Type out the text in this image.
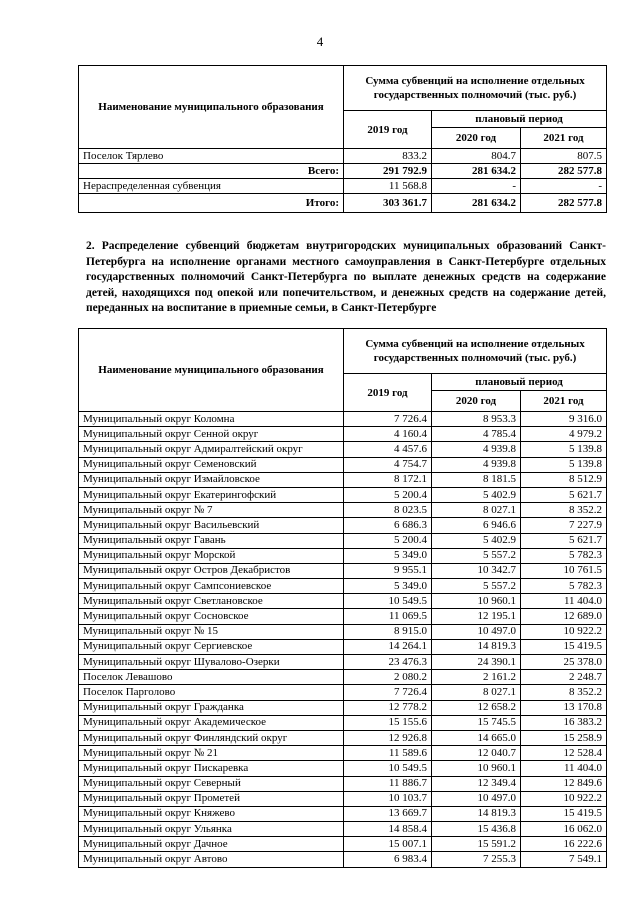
4
Наименование муниципального образования	Сумма субвенций на исполнение отдельных государственных полномочий (тыс. руб.)		
	2019 год	плановый период	
		2020 год	2021 год
Поселок Тярлево	833.2	804.7	807.5
Всего:	291 792.9	281 634.2	282 577.8
Нераспределенная субвенция	11 568.8	-	-
Итого:	303 361.7	281 634.2	282 577.8
2. Распределение субвенций бюджетам внутригородских муниципальных образований Санкт-Петербурга на исполнение органами местного самоуправления в Санкт-Петербурге отдельных государственных полномочий Санкт-Петербурга по выплате денежных средств на содержание детей, находящихся под опекой или попечительством, и денежных средств на содержание детей, переданных на воспитание в приемные семьи, в Санкт-Петербурге
Наименование муниципального образования	Сумма субвенций на исполнение отдельных государственных полномочий (тыс. руб.)		
	2019 год	плановый период	
		2020 год	2021 год
Муниципальный округ Коломна	7 726.4	8 953.3	9 316.0
Муниципальный округ Сенной округ	4 160.4	4 785.4	4 979.2
Муниципальный округ Адмиралтейский округ	4 457.6	4 939.8	5 139.8
Муниципальный округ Семеновский	4 754.7	4 939.8	5 139.8
Муниципальный округ Измайловское	8 172.1	8 181.5	8 512.9
Муниципальный округ Екатерингофский	5 200.4	5 402.9	5 621.7
Муниципальный округ № 7	8 023.5	8 027.1	8 352.2
Муниципальный округ Васильевский	6 686.3	6 946.6	7 227.9
Муниципальный округ Гавань	5 200.4	5 402.9	5 621.7
Муниципальный округ Морской	5 349.0	5 557.2	5 782.3
Муниципальный округ Остров Декабристов	9 955.1	10 342.7	10 761.5
Муниципальный округ Сампсониевское	5 349.0	5 557.2	5 782.3
Муниципальный округ Светлановское	10 549.5	10 960.1	11 404.0
Муниципальный округ Сосновское	11 069.5	12 195.1	12 689.0
Муниципальный округ № 15	8 915.0	10 497.0	10 922.2
Муниципальный округ Сергиевское	14 264.1	14 819.3	15 419.5
Муниципальный округ Шувалово-Озерки	23 476.3	24 390.1	25 378.0
Поселок Левашово	2 080.2	2 161.2	2 248.7
Поселок Парголово	7 726.4	8 027.1	8 352.2
Муниципальный округ Гражданка	12 778.2	12 658.2	13 170.8
Муниципальный округ Академическое	15 155.6	15 745.5	16 383.2
Муниципальный округ Финляндский округ	12 926.8	14 665.0	15 258.9
Муниципальный округ № 21	11 589.6	12 040.7	12 528.4
Муниципальный округ Пискаревка	10 549.5	10 960.1	11 404.0
Муниципальный округ Северный	11 886.7	12 349.4	12 849.6
Муниципальный округ Прометей	10 103.7	10 497.0	10 922.2
Муниципальный округ Княжево	13 669.7	14 819.3	15 419.5
Муниципальный округ Ульянка	14 858.4	15 436.8	16 062.0
Муниципальный округ Дачное	15 007.1	15 591.2	16 222.6
Муниципальный округ Автово	6 983.4	7 255.3	7 549.1
